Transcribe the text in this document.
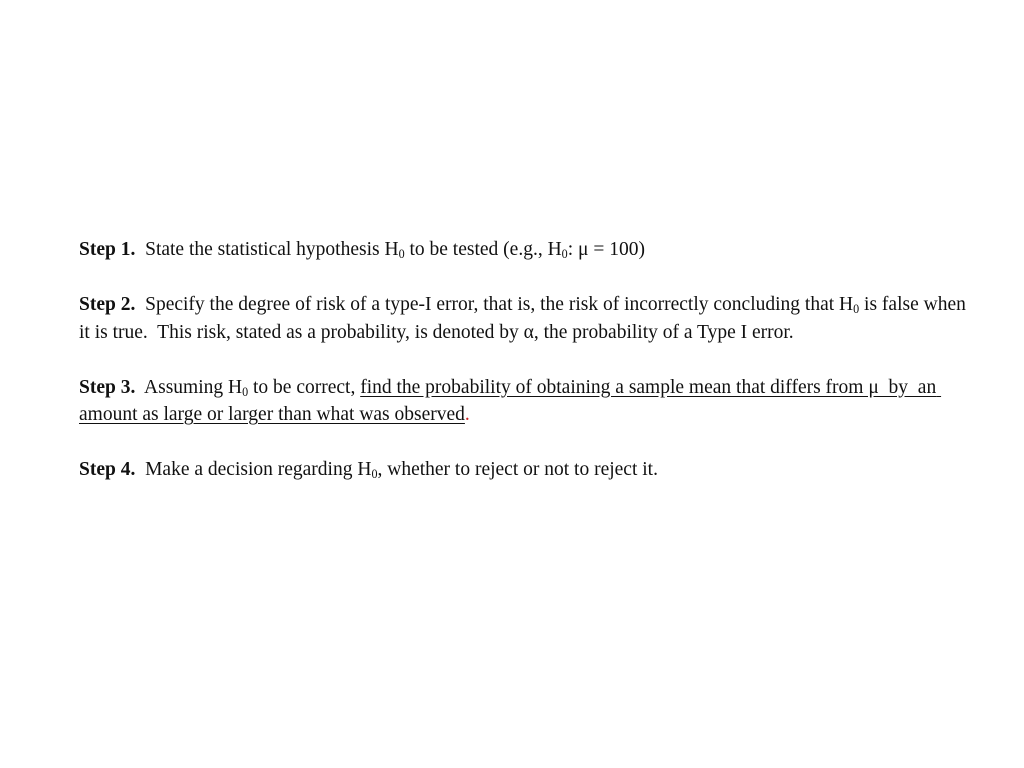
Step 1.  State the statistical hypothesis $H_0$ to be tested (e.g., $H_0$: μ = 100)

Step 2.  Specify the degree of risk of a type-I error, that is, the risk of incorrectly concluding that $H_0$ is false when it is true.  This risk, stated as a probability, is denoted by α, the probability of a Type I error.

Step 3.  Assuming $H_0$ to be correct, find the probability of obtaining a sample mean that differs from μ  by  an amount as large or larger than what was observed.

Step 4.  Make a decision regarding $H_0$, whether to reject or not to reject it.
